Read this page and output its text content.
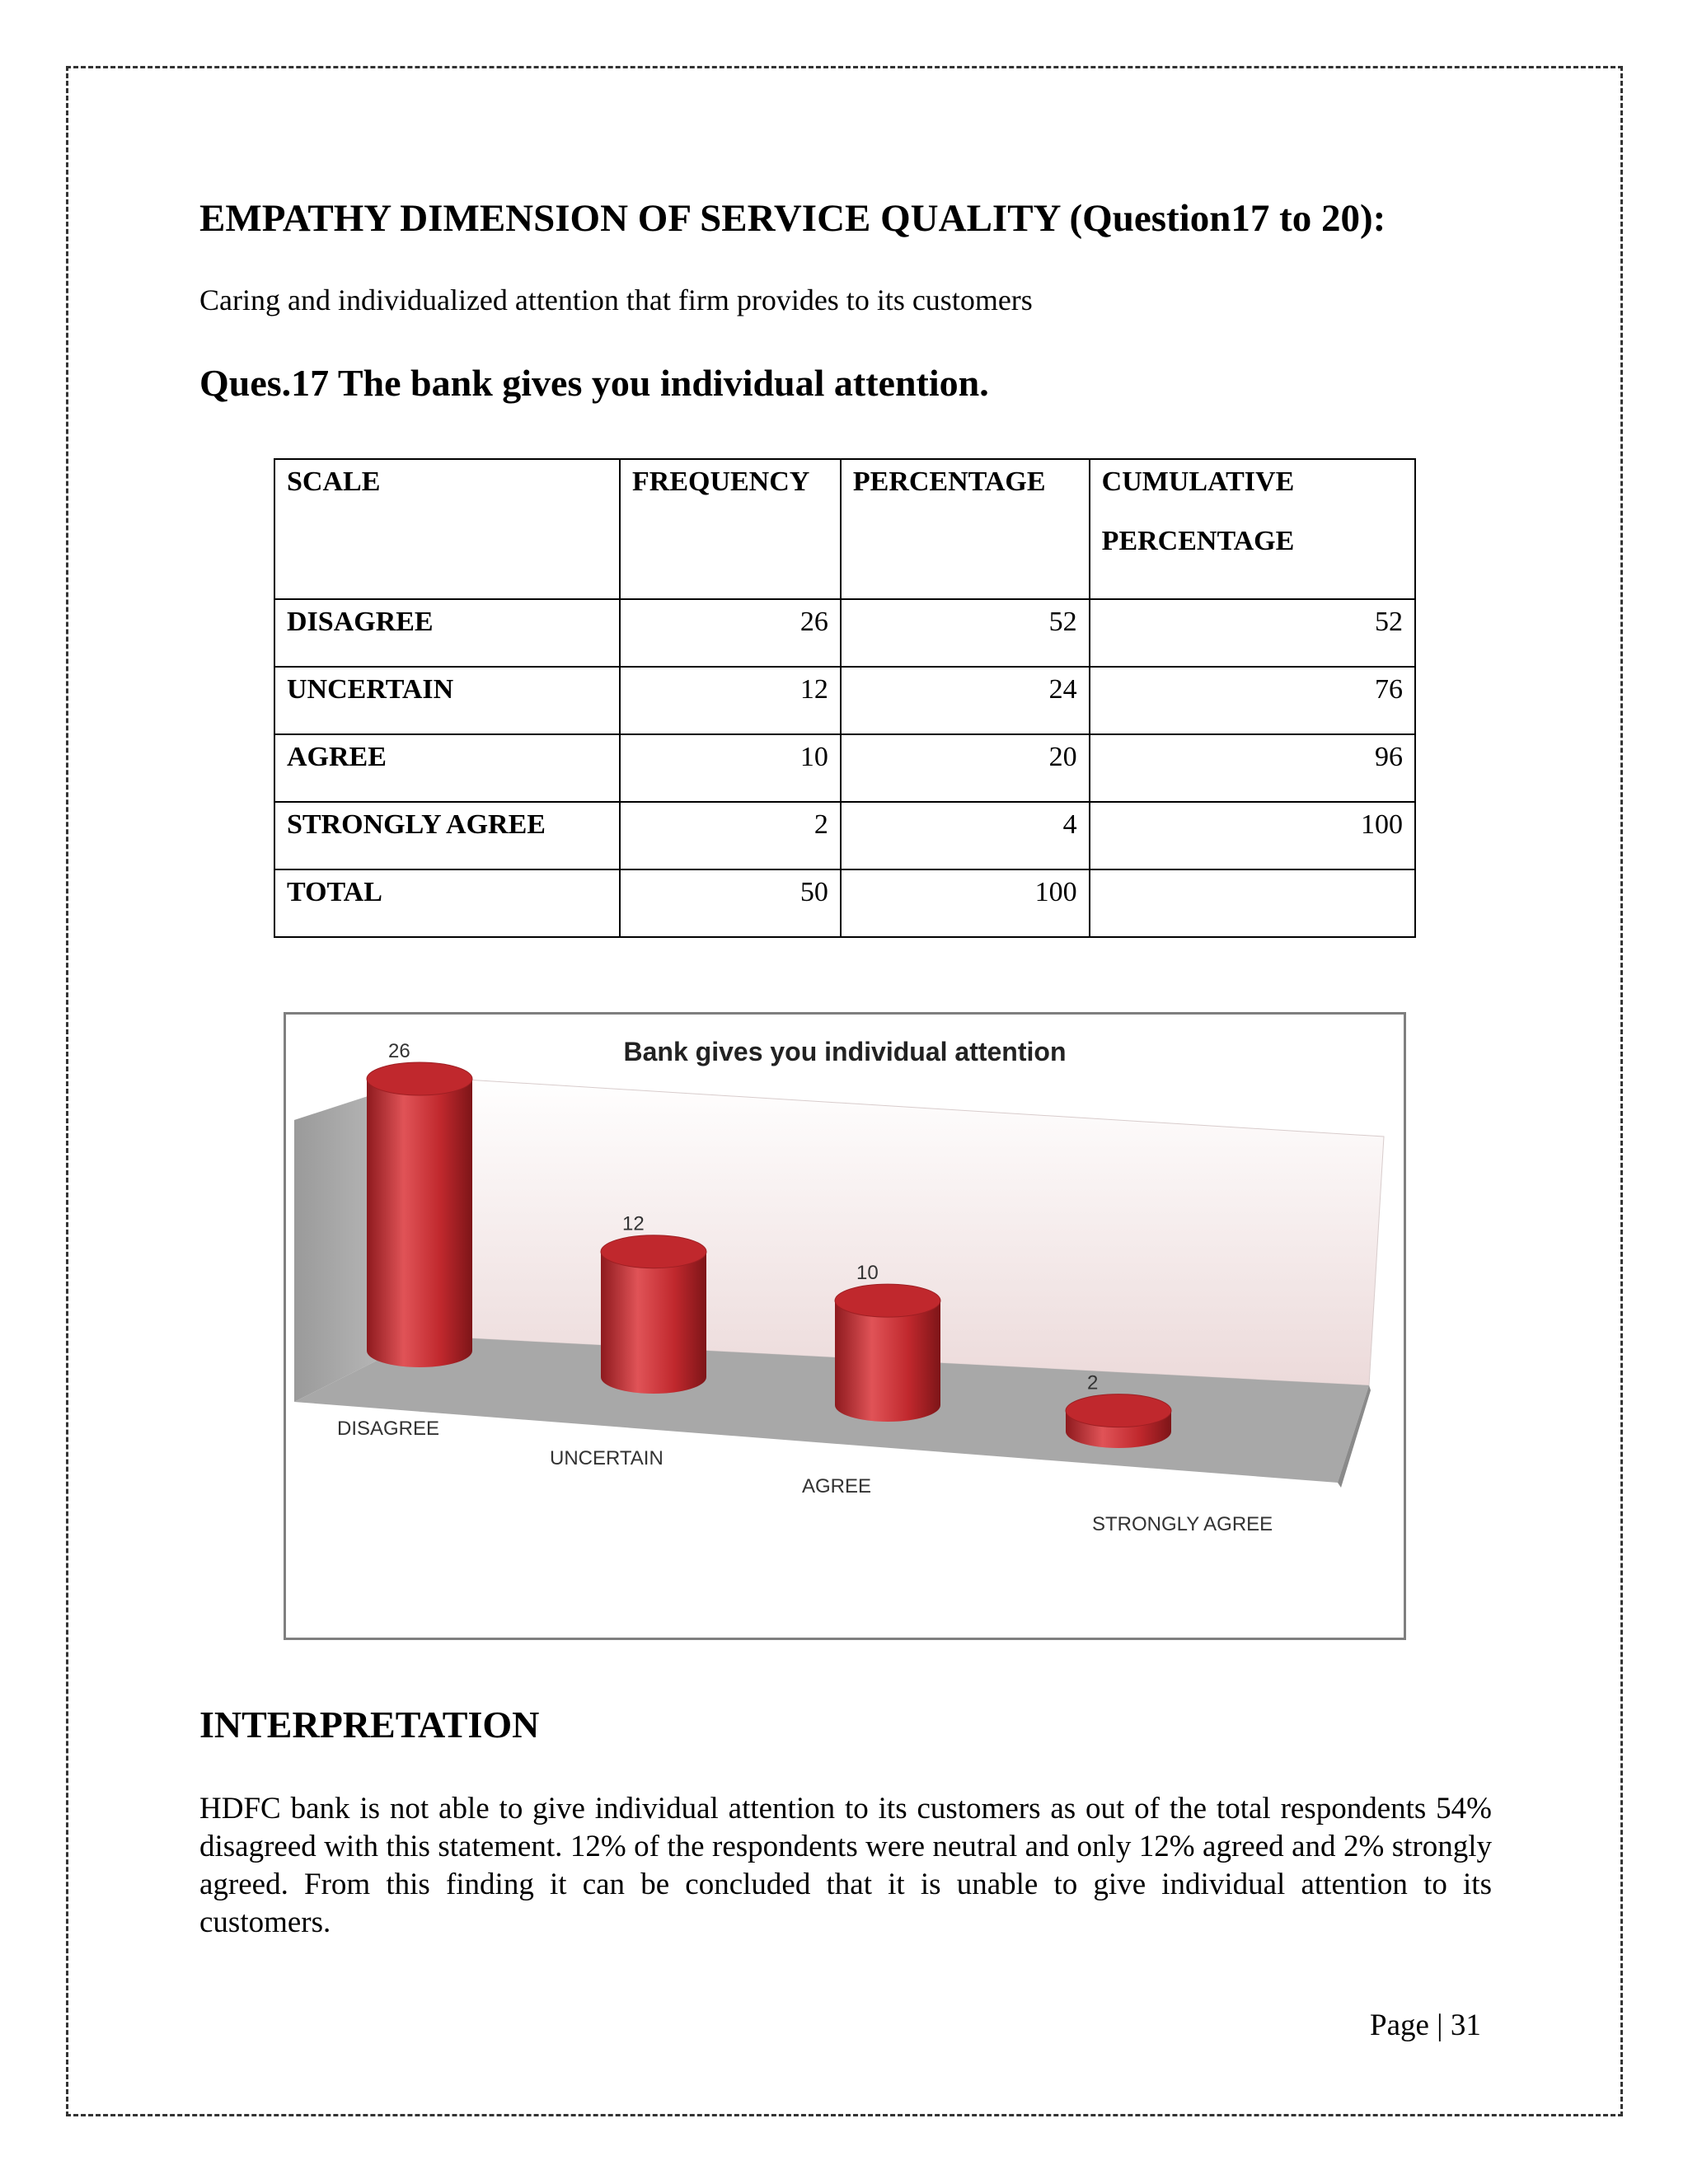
EMPATHY DIMENSION OF SERVICE QUALITY (Question17 to 20):
Caring and individualized attention that firm provides to its customers
Ques.17 The bank gives you individual attention.
SCALE	FREQUENCY	PERCENTAGE	CUMULATIVE
PERCENTAGE

DISAGREE	26	52	52
UNCERTAIN	12	24	76
AGREE	10	20	96
STRONGLY AGREE	2	4	100
TOTAL	50	100	
Bank gives you individual attention
26
12
10
2
DISAGREE
UNCERTAIN
AGREE
STRONGLY AGREE
INTERPRETATION
HDFC bank is not able to give individual attention to its customers as out of the total respondents 54% disagreed with this statement. 12% of the respondents were neutral and only 12% agreed and 2% strongly agreed. From this finding it can be concluded that it is unable to give individual attention to its customers.
Page | 31
